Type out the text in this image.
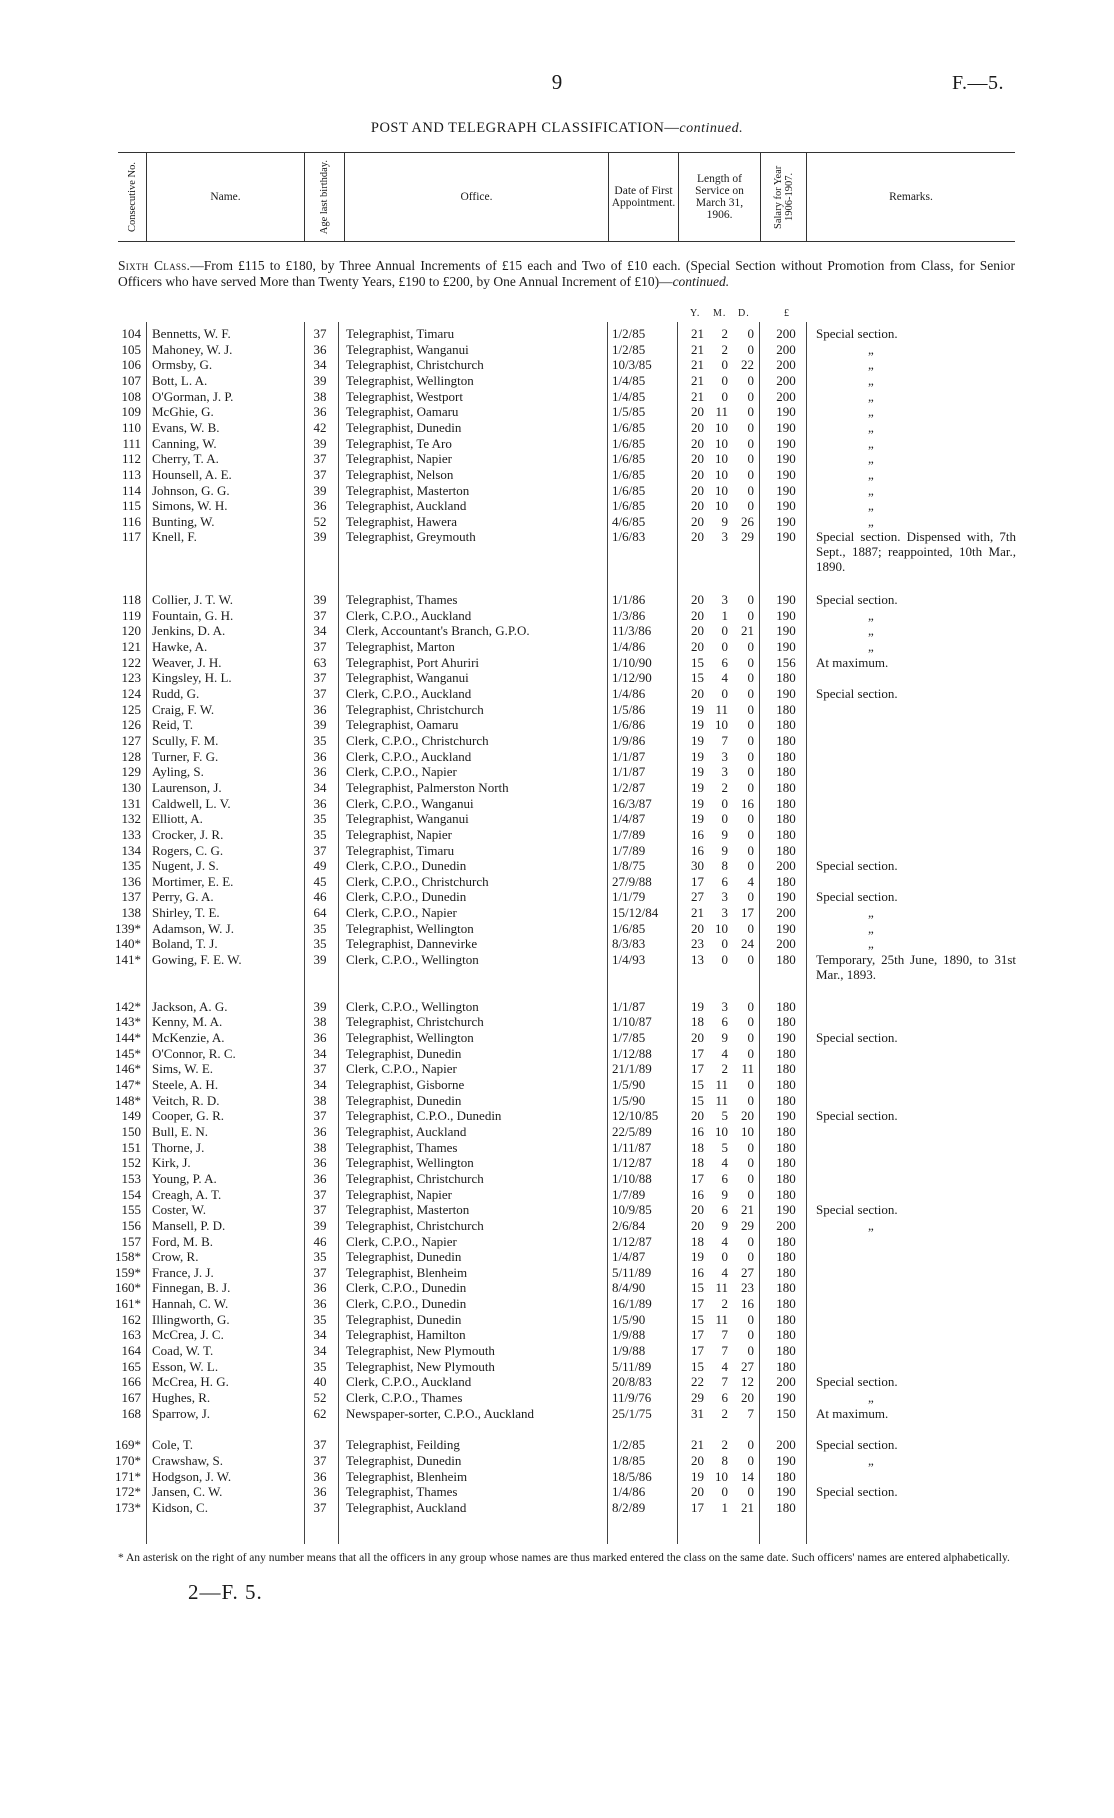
9	F.—5.
POST AND TELEGRAPH CLASSIFICATION—continued.
Consecutive No.	Name.	Age last birthday.	Office.	Date of First Appointment.
Length of Service on March 31, 1906.	Salary for Year 1906-1907.	Remarks.
Sixth Class.—From £115 to £180, by Three Annual Increments of £15 each and Two of £10 each. (Special Section without Promotion from Class, for Senior Officers who have served More than Twenty Years, £190 to £200, by One Annual Increment of £10)—continued.
Y. M. D.	£
104 Bennetts, W. F.	37	Telegraphist, Timaru	1/2/85	21	2	0	200	Special section.
105 Mahoney, W. J.	36	Telegraphist, Wanganui	1/2/85	21	2	0	200	„
106 Ormsby, G.	34	Telegraphist, Christchurch	10/3/85	21	0	22	200	„
107 Bott, L. A.	39	Telegraphist, Wellington	1/4/85	21	0	0	200	„
108 O'Gorman, J. P.	38	Telegraphist, Westport	1/4/85	21	0	0	200	„
109 McGhie, G.	36	Telegraphist, Oamaru	1/5/85	20 11	0	190	„
110 Evans, W. B.	42	Telegraphist, Dunedin	1/6/85	20 10	0	190	„
111 Canning, W.	39	Telegraphist, Te Aro	1/6/85	20 10	0	190	„
112 Cherry, T. A.	37	Telegraphist, Napier	1/6/85	20 10	0	190	„
113 Hounsell, A. E.	37	Telegraphist, Nelson	1/6/85	20 10	0	190	„
114 Johnson, G. G.	39	Telegraphist, Masterton	1/6/85	20 10	0	190	„
115 Simons, W. H.	36	Telegraphist, Auckland	1/6/85	20 10	0	190	„
116 Bunting, W.	52	Telegraphist, Hawera	4/6/85	20	9	26	190	„
117 Knell, F.	39	Telegraphist, Greymouth	1/6/83	20	3	29	190	Special section. Dispensed with, 7th Sept., 1887; reappointed, 10th Mar., 1890.
118 Collier, J. T. W.	39	Telegraphist, Thames	1/1/86	20	3	0	190	Special section.
119 Fountain, G. H.	37	Clerk, C.P.O., Auckland	1/3/86	20	1	0	190	„
120 Jenkins, D. A.	34	Clerk, Accountant's Branch, G.P.O.	11/3/86	20	0	21	190	„
121 Hawke, A.	37	Telegraphist, Marton	1/4/86	20	0	0	190	„
122 Weaver, J. H.	63	Telegraphist, Port Ahuriri	1/10/90	15	6	0	156	At maximum.
123 Kingsley, H. L.	37	Telegraphist, Wanganui	1/12/90	15	4	0	180
124 Rudd, G.	37	Clerk, C.P.O., Auckland	1/4/86	20	0	0	190	Special section.
125 Craig, F. W.	36	Telegraphist, Christchurch	1/5/86	19 11	0	180
126 Reid, T.	39	Telegraphist, Oamaru	1/6/86	19 10	0	180
127 Scully, F. M.	35	Clerk, C.P.O., Christchurch	1/9/86	19	7	0	180
128 Turner, F. G.	36	Clerk, C.P.O., Auckland	1/1/87	19	3	0	180
129 Ayling, S.	36	Clerk, C.P.O., Napier	1/1/87	19	3	0	180
130 Laurenson, J.	34	Telegraphist, Palmerston North	1/2/87	19	2	0	180
131 Caldwell, L. V.	36	Clerk, C.P.O., Wanganui	16/3/87	19	0	16	180
132 Elliott, A.	35	Telegraphist, Wanganui	1/4/87	19	0	0	180
133 Crocker, J. R.	35	Telegraphist, Napier	1/7/89	16	9	0	180
134 Rogers, C. G.	37	Telegraphist, Timaru	1/7/89	16	9	0	180
135 Nugent, J. S.	49	Clerk, C.P.O., Dunedin	1/8/75	30	8	0	200	Special section.
136 Mortimer, E. E.	45	Clerk, C.P.O., Christchurch	27/9/88	17	6	4	180
137 Perry, G. A.	46	Clerk, C.P.O., Dunedin	1/1/79	27	3	0	190	Special section.
138 Shirley, T. E.	64	Clerk, C.P.O., Napier	15/12/84	21	3	17	200	„
139* Adamson, W. J.	35	Telegraphist, Wellington	1/6/85	20 10	0	190	„
140* Boland, T. J.	35	Telegraphist, Dannevirke	8/3/83	23	0	24	200	„
141* Gowing, F. E. W.	39	Clerk, C.P.O., Wellington	1/4/93	13	0	0	180	Temporary, 25th June, 1890, to 31st Mar., 1893.
142* Jackson, A. G.	39	Clerk, C.P.O., Wellington	1/1/87	19	3	0	180
143* Kenny, M. A.	38	Telegraphist, Christchurch	1/10/87	18	6	0	180
144* McKenzie, A.	36	Telegraphist, Wellington	1/7/85	20	9	0	190	Special section.
145* O'Connor, R. C.	34	Telegraphist, Dunedin	1/12/88	17	4	0	180
146* Sims, W. E.	37	Clerk, C.P.O., Napier	21/1/89	17	2	11	180
147* Steele, A. H.	34	Telegraphist, Gisborne	1/5/90	15 11	0	180
148* Veitch, R. D.	38	Telegraphist, Dunedin	1/5/90	15 11	0	180
149 Cooper, G. R.	37	Telegraphist, C.P.O., Dunedin	12/10/85	20	5	20	190	Special section.
150 Bull, E. N.	36	Telegraphist, Auckland	22/5/89	16 10	10	180
151 Thorne, J.	38	Telegraphist, Thames	1/11/87	18	5	0	180
152 Kirk, J.	36	Telegraphist, Wellington	1/12/87	18	4	0	180
153 Young, P. A.	36	Telegraphist, Christchurch	1/10/88	17	6	0	180
154 Creagh, A. T.	37	Telegraphist, Napier	1/7/89	16	9	0	180
155 Coster, W.	37	Telegraphist, Masterton	10/9/85	20	6	21	190	Special section.
156 Mansell, P. D.	39	Telegraphist, Christchurch	2/6/84	20	9	29	200	„
157 Ford, M. B.	46	Clerk, C.P.O., Napier	1/12/87	18	4	0	180
158* Crow, R.	35	Telegraphist, Dunedin	1/4/87	19	0	0	180
159* France, J. J.	37	Telegraphist, Blenheim	5/11/89	16	4	27	180
160* Finnegan, B. J.	36	Clerk, C.P.O., Dunedin	8/4/90	15 11	23	180
161* Hannah, C. W.	36	Clerk, C.P.O., Dunedin	16/1/89	17	2	16	180
162 Illingworth, G.	35	Telegraphist, Dunedin	1/5/90	15 11	0	180
163 McCrea, J. C.	34	Telegraphist, Hamilton	1/9/88	17	7	0	180
164 Coad, W. T.	34	Telegraphist, New Plymouth	1/9/88	17	7	0	180
165 Esson, W. L.	35	Telegraphist, New Plymouth	5/11/89	15	4	27	180
166 McCrea, H. G.	40	Clerk, C.P.O., Auckland	20/8/83	22	7	12	200	Special section.
167 Hughes, R.	52	Clerk, C.P.O., Thames	11/9/76	29	6	20	190	„
168 Sparrow, J.	62	Newspaper-sorter, C.P.O., Auckland	25/1/75	31	2	7	150	At maximum.
169* Cole, T.	37	Telegraphist, Feilding	1/2/85	21	2	0	200	Special section.
170* Crawshaw, S.	37	Telegraphist, Dunedin	1/8/85	20	8	0	190	„
171* Hodgson, J. W.	36	Telegraphist, Blenheim	18/5/86	19 10	14	180
172* Jansen, C. W.	36	Telegraphist, Thames	1/4/86	20	0	0	190	Special section.
173* Kidson, C.	37	Telegraphist, Auckland	8/2/89	17	1	21	180
* An asterisk on the right of any number means that all the officers in any group whose names are thus marked entered the class on the same date. Such officers' names are entered alphabetically.
2—F. 5.
